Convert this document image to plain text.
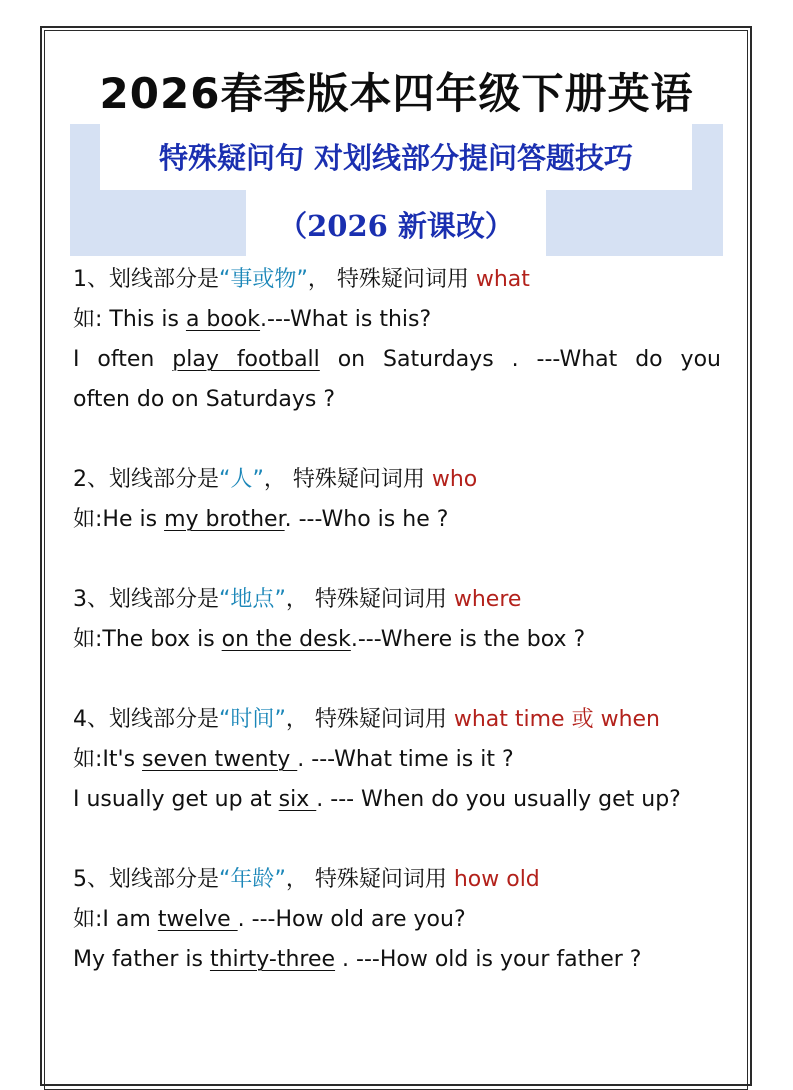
2026春季版本四年级下册英语
特殊疑问句 对划线部分提问答题技巧
（2026 新课改）
1、划线部分是“事或物”， 特殊疑问词用 what
如: This is a book.---What is this?
I often play football on Saturdays . ---What do you
often do on Saturdays ?
2、划线部分是“人”， 特殊疑问词用 who
如:He is my brother. ---Who is he ?
3、划线部分是“地点”， 特殊疑问词用 where
如:The box is on the desk.---Where is the box ?
4、划线部分是“时间”， 特殊疑问词用 what time 或 when
如:It's seven twenty . ---What time is it ?
I usually get up at six . --- When do you usually get up?
5、划线部分是“年龄”， 特殊疑问词用 how old
如:I am twelve . ---How old are you?
My father is thirty-three . ---How old is your father ?
